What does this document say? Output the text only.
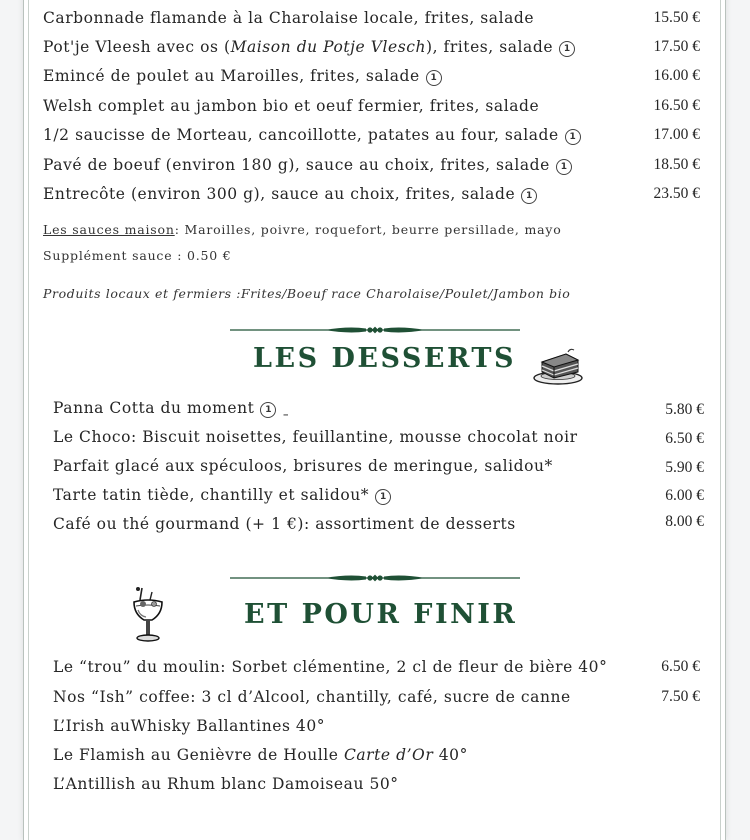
Carbonnade flamande à la Charolaise locale, frites, salade	15.50 €
Pot'je Vleesh avec os (Maison du Potje Vlesch), frites, salade 1	17.50 €
Emincé de poulet au Maroilles, frites, salade 1	16.00 €
Welsh complet au jambon bio et oeuf fermier, frites, salade	16.50 €
1/2 saucisse de Morteau, cancoillotte, patates au four, salade 1	17.00 €
Pavé de boeuf (environ 180 g), sauce au choix, frites, salade 1	18.50 €
Entrecôte (environ 300 g), sauce au choix, frites, salade 1	23.50 €
Les sauces maison: Maroilles, poivre, roquefort, beurre persillade, mayo
Supplément sauce : 0.50 €
Produits locaux et fermiers :Frites/Boeuf race Charolaise/Poulet/Jambon bio
LES DESSERTS
Panna Cotta du moment 1 ˍ	5.80 €
Le Choco: Biscuit noisettes, feuillantine, mousse chocolat noir	6.50 €
Parfait glacé aux spéculoos, brisures de meringue, salidou*	5.90 €
Tarte tatin tiède, chantilly et salidou* 1	6.00 €
Café ou thé gourmand (+ 1 €): assortiment de desserts	8.00 €
ET POUR FINIR
Le “trou” du moulin: Sorbet clémentine, 2 cl de fleur de bière 40°	6.50 €
Nos “Ish” coffee: 3 cl d’Alcool, chantilly, café, sucre de canne	7.50 €
L’Irish auWhisky Ballantines 40°
Le Flamish au Genièvre de Houlle Carte d’Or 40°
L’Antillish au Rhum blanc Damoiseau 50°
